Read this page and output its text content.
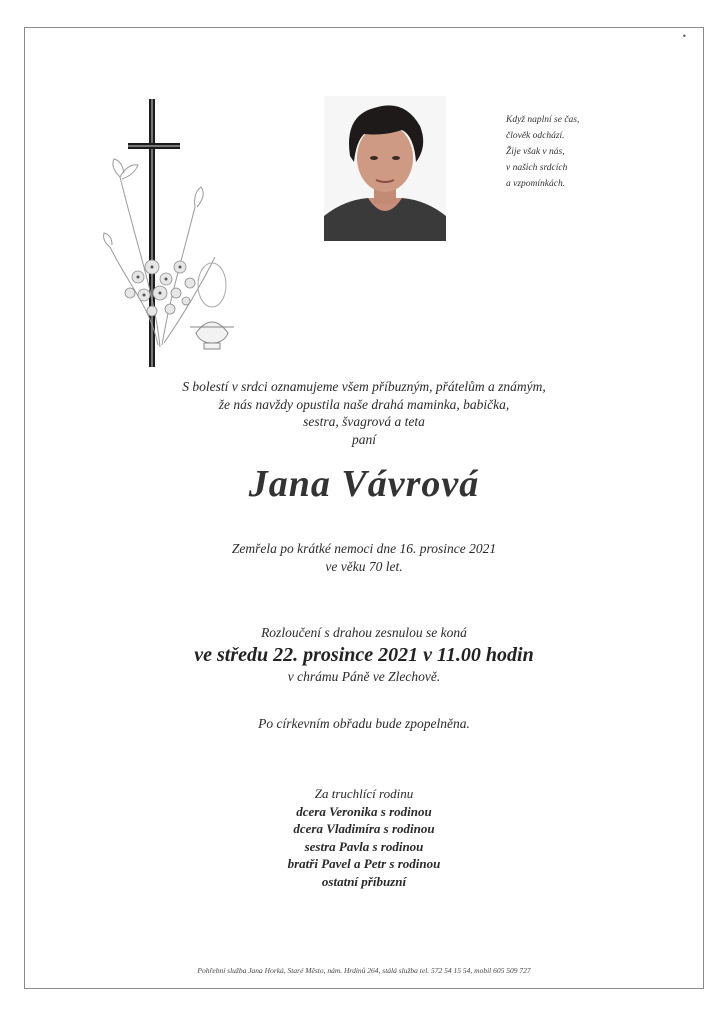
•
Když naplní se čas,
člověk odchází.
Žije však v nás,
v našich srdcích
a vzpomínkách.
S bolestí v srdci oznamujeme všem příbuzným, přátelům a známým,
že nás navždy opustila naše drahá maminka, babička,
sestra, švagrová a teta
paní
Jana Vávrová
Zemřela po krátké nemoci dne 16. prosince 2021
ve věku 70 let.
Rozloučení s drahou zesnulou se koná
ve středu 22. prosince 2021 v 11.00 hodin
v chrámu Páně ve Zlechově.
Po církevním obřadu bude zpopelněna.
Za truchlící rodinu
dcera Veronika s rodinou
dcera Vladimíra s rodinou
sestra Pavla s rodinou
bratři Pavel a Petr s rodinou
ostatní příbuzní
Pohřební služba Jana Horká, Staré Město, nám. Hrdinů 264, stálá služba tel. 572 54 15 54, mobil 605 509 727
